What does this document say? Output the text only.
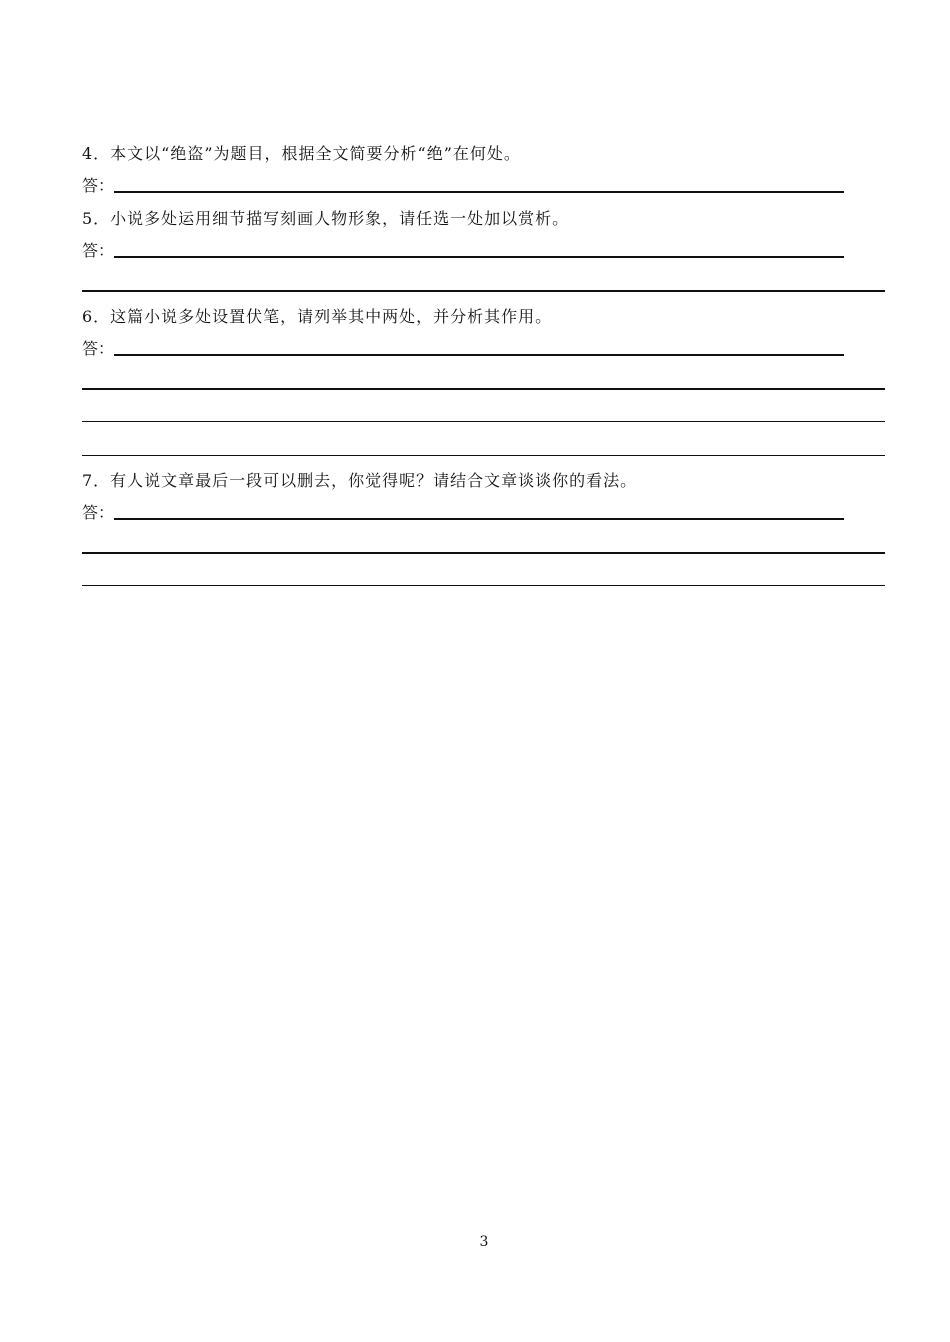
4．本文以“绝盗”为题目，根据全文简要分析“绝”在何处。
答：
5．小说多处运用细节描写刻画人物形象，请任选一处加以赏析。
答：
6．这篇小说多处设置伏笔，请列举其中两处，并分析其作用。
答：
7．有人说文章最后一段可以删去，你觉得呢？请结合文章谈谈你的看法。
答：
3
